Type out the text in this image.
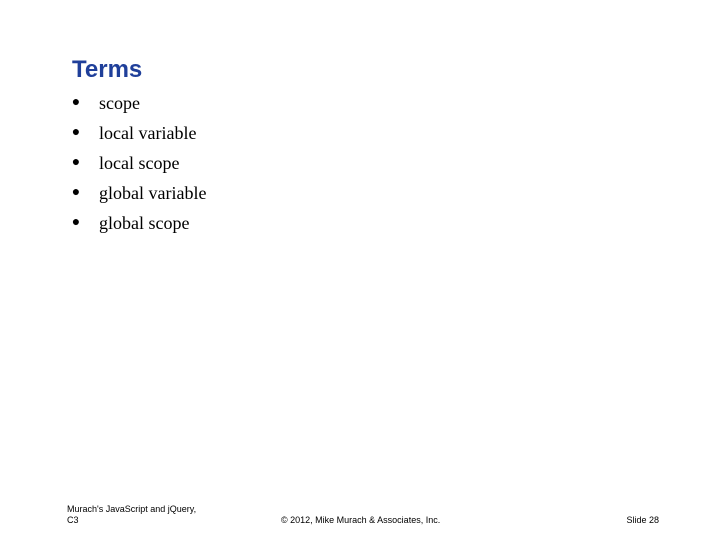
Terms
● scope
● local variable
● local scope
● global variable
● global scope
Murach's JavaScript and jQuery,
C3	© 2012, Mike Murach & Associates, Inc.	Slide 28
